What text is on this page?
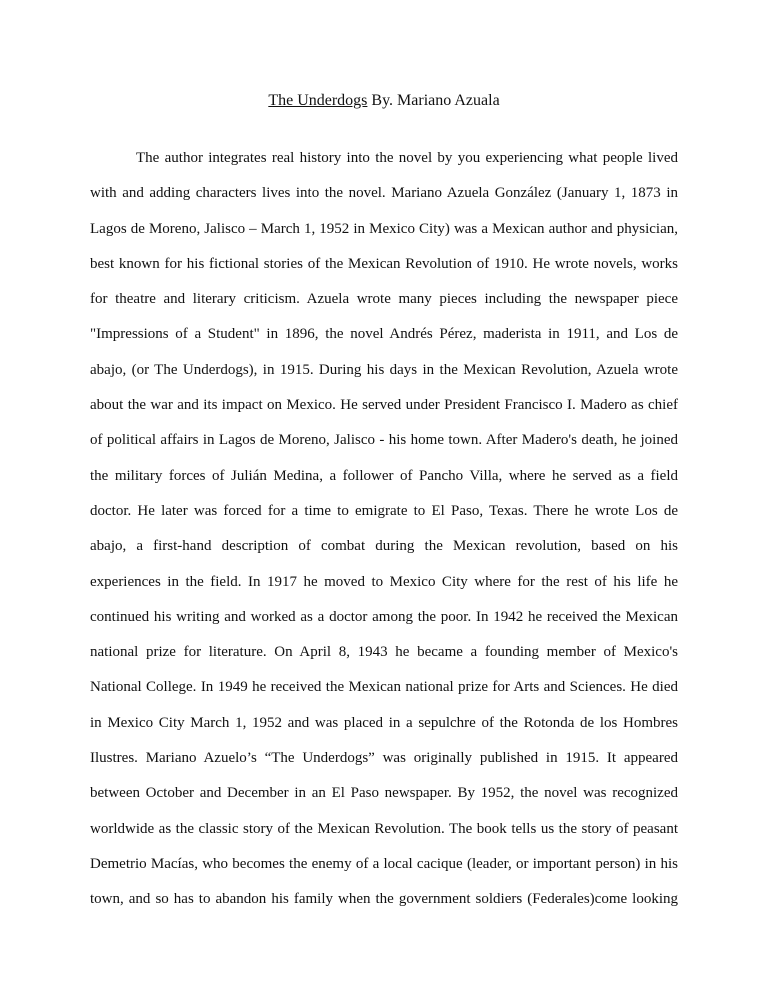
The Underdogs By. Mariano Azuala
The author integrates real history into the novel by you experiencing what people lived
with and adding characters lives into the novel. Mariano Azuela González (January 1, 1873 in
Lagos de Moreno, Jalisco – March 1, 1952 in Mexico City) was a Mexican author and physician,
best known for his fictional stories of the Mexican Revolution of 1910. He wrote novels, works
for theatre and literary criticism. Azuela wrote many pieces including the newspaper piece
"Impressions of a Student" in 1896, the novel Andrés Pérez, maderista in 1911, and Los de
abajo, (or The Underdogs), in 1915. During his days in the Mexican Revolution, Azuela wrote
about the war and its impact on Mexico. He served under President Francisco I. Madero as chief
of political affairs in Lagos de Moreno, Jalisco - his home town. After Madero's death, he joined
the military forces of Julián Medina, a follower of Pancho Villa, where he served as a field
doctor. He later was forced for a time to emigrate to El Paso, Texas. There he wrote Los de
abajo, a first-hand description of combat during the Mexican revolution, based on his
experiences in the field. In 1917 he moved to Mexico City where for the rest of his life he
continued his writing and worked as a doctor among the poor. In 1942 he received the Mexican
national prize for literature. On April 8, 1943 he became a founding member of Mexico's
National College. In 1949 he received the Mexican national prize for Arts and Sciences. He died
in Mexico City March 1, 1952 and was placed in a sepulchre of the Rotonda de los Hombres
Ilustres. Mariano Azuelo’s “The Underdogs” was originally published in 1915. It appeared
between October and December in an El Paso newspaper. By 1952, the novel was recognized
worldwide as the classic story of the Mexican Revolution. The book tells us the story of peasant
Demetrio Macías, who becomes the enemy of a local cacique (leader, or important person) in his
town, and so has to abandon his family when the government soldiers (Federales)come looking
